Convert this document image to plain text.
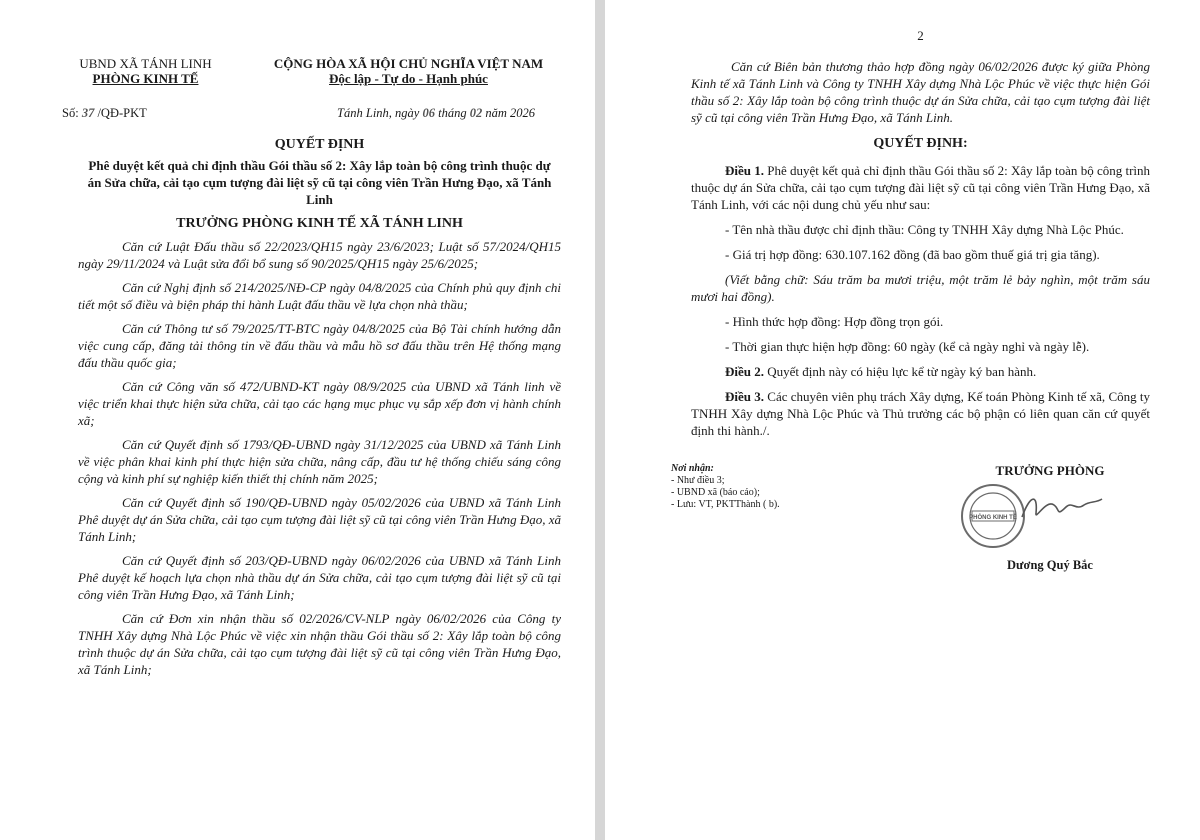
UBND XÃ TÁNH LINH
PHÒNG KINH TẾ
CỘNG HÒA XÃ HỘI CHỦ NGHĨA VIỆT NAM
Độc lập - Tự do - Hạnh phúc
Số: 37 /QĐ-PKT	Tánh Linh, ngày 06 tháng 02 năm 2026
QUYẾT ĐỊNH
Phê duyệt kết quả chỉ định thầu Gói thầu số 2: Xây lắp toàn bộ công trình thuộc dự án Sửa chữa, cải tạo cụm tượng đài liệt sỹ cũ tại công viên Trần Hưng Đạo, xã Tánh Linh
TRƯỞNG PHÒNG KINH TẾ XÃ TÁNH LINH

Căn cứ Luật Đấu thầu số 22/2023/QH15 ngày 23/6/2023; Luật số 57/2024/QH15 ngày 29/11/2024 và Luật sửa đổi bổ sung số 90/2025/QH15 ngày 25/6/2025;

Căn cứ Nghị định số 214/2025/NĐ-CP ngày 04/8/2025 của Chính phủ quy định chi tiết một số điều và biện pháp thi hành Luật đấu thầu về lựa chọn nhà thầu;

Căn cứ Thông tư số 79/2025/TT-BTC ngày 04/8/2025 của Bộ Tài chính hướng dẫn việc cung cấp, đăng tải thông tin về đấu thầu và mẫu hồ sơ đấu thầu trên Hệ thống mạng đấu thầu quốc gia;

Căn cứ Công văn số 472/UBND-KT ngày 08/9/2025 của UBND xã Tánh linh về việc triển khai thực hiện sửa chữa, cải tạo các hạng mục phục vụ sắp xếp đơn vị hành chính xã;

Căn cứ Quyết định số 1793/QĐ-UBND ngày 31/12/2025 của UBND xã Tánh Linh về việc phân khai kinh phí thực hiện sửa chữa, nâng cấp, đầu tư hệ thống chiếu sáng công cộng và kinh phí sự nghiệp kiến thiết thị chính năm 2025;

Căn cứ Quyết định số 190/QĐ-UBND ngày 05/02/2026 của UBND xã Tánh Linh Phê duyệt dự án Sửa chữa, cải tạo cụm tượng đài liệt sỹ cũ tại công viên Trần Hưng Đạo, xã Tánh Linh;

Căn cứ Quyết định số 203/QĐ-UBND ngày 06/02/2026 của UBND xã Tánh Linh Phê duyệt kế hoạch lựa chọn nhà thầu dự án Sửa chữa, cải tạo cụm tượng đài liệt sỹ cũ tại công viên Trần Hưng Đạo, xã Tánh Linh;

Căn cứ Đơn xin nhận thầu số 02/2026/CV-NLP ngày 06/02/2026 của Công ty TNHH Xây dựng Nhà Lộc Phúc về việc xin nhận thầu Gói thầu số 2: Xây lắp toàn bộ công trình thuộc dự án Sửa chữa, cải tạo cụm tượng đài liệt sỹ cũ tại công viên Trần Hưng Đạo, xã Tánh Linh;

2

Căn cứ Biên bản thương thảo hợp đồng ngày 06/02/2026 được ký giữa Phòng Kinh tế xã Tánh Linh và Công ty TNHH Xây dựng Nhà Lộc Phúc về việc thực hiện Gói thầu số 2: Xây lắp toàn bộ công trình thuộc dự án Sửa chữa, cải tạo cụm tượng đài liệt sỹ cũ tại công viên Trần Hưng Đạo, xã Tánh Linh.

QUYẾT ĐỊNH:

Điều 1. Phê duyệt kết quả chỉ định thầu Gói thầu số 2: Xây lắp toàn bộ công trình thuộc dự án Sửa chữa, cải tạo cụm tượng đài liệt sỹ cũ tại công viên Trần Hưng Đạo, xã Tánh Linh, với các nội dung chủ yếu như sau:

- Tên nhà thầu được chỉ định thầu: Công ty TNHH Xây dựng Nhà Lộc Phúc.

- Giá trị hợp đồng: 630.107.162 đồng (đã bao gồm thuế giá trị gia tăng).

(Viết bằng chữ: Sáu trăm ba mươi triệu, một trăm lẻ bảy nghìn, một trăm sáu mươi hai đồng).

- Hình thức hợp đồng: Hợp đồng trọn gói.

- Thời gian thực hiện hợp đồng: 60 ngày (kể cả ngày nghỉ và ngày lễ).

Điều 2. Quyết định này có hiệu lực kể từ ngày ký ban hành.

Điều 3. Các chuyên viên phụ trách Xây dựng, Kế toán Phòng Kinh tế xã, Công ty TNHH Xây dựng Nhà Lộc Phúc và Thủ trưởng các bộ phận có liên quan căn cứ quyết định thi hành./.

Nơi nhận:
- Như điều 3;
- UBND xã (báo cáo);
- Lưu: VT, PKTThành ( b).
TRƯỞNG PHÒNG
PHÒNG KINH TẾ
Dương Quý Bắc
